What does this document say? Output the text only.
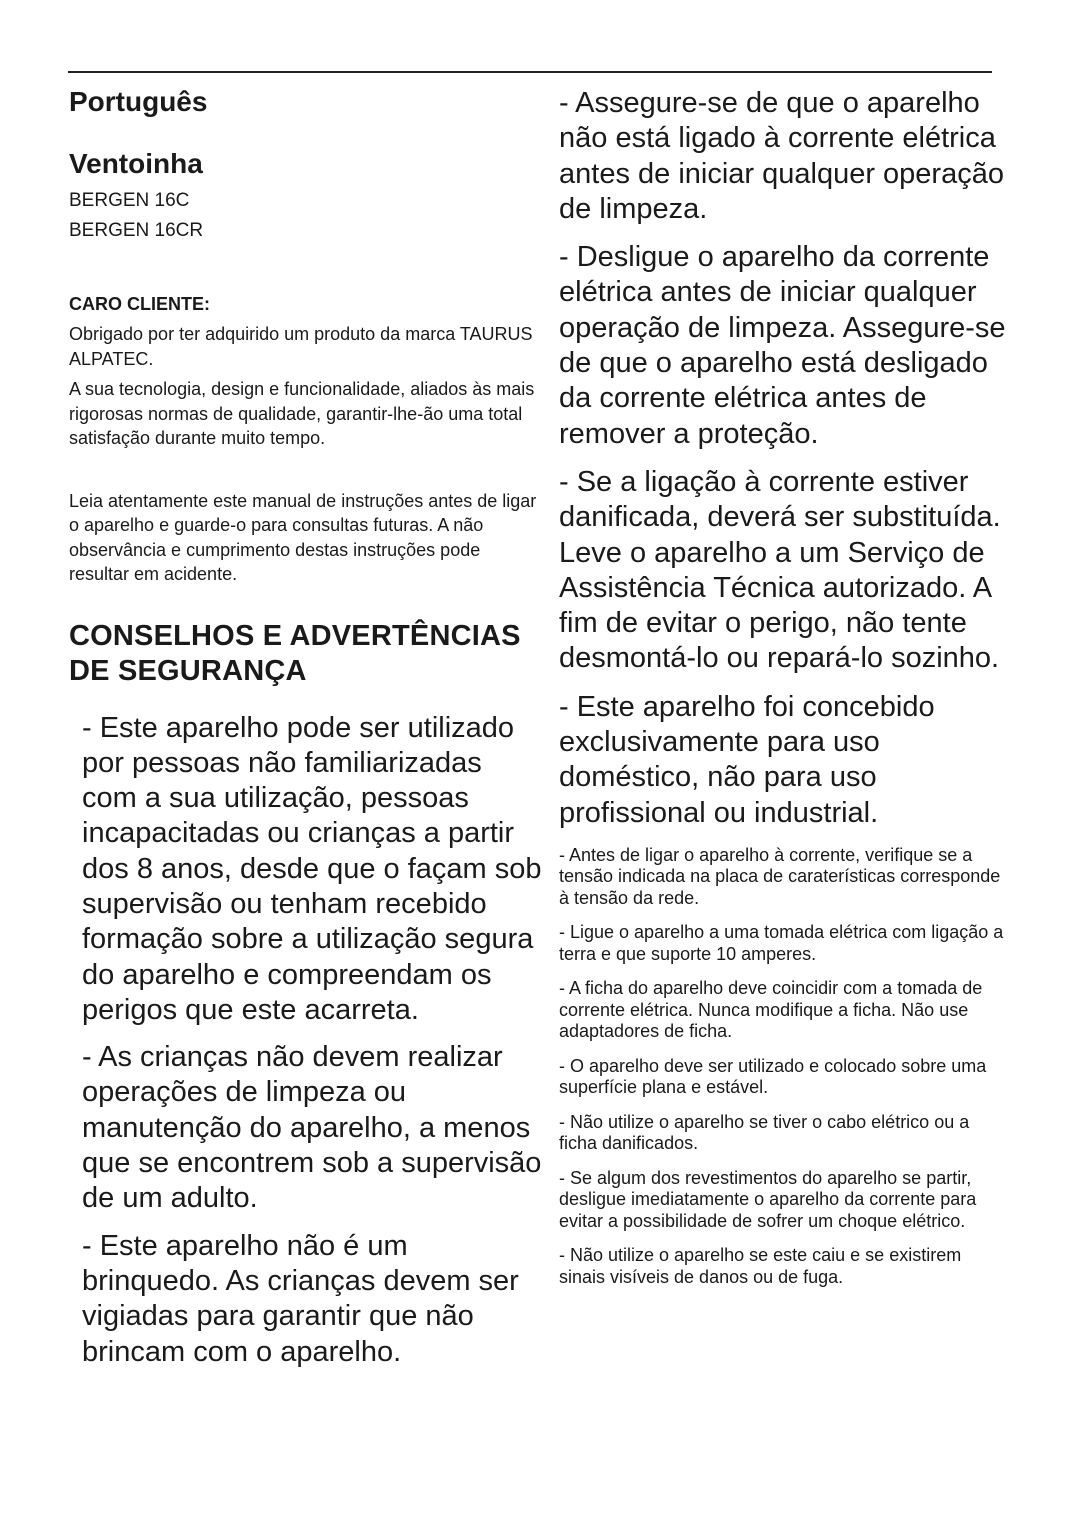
Português
Ventoinha

BERGEN 16C

BERGEN 16CR

CARO CLIENTE:

Obrigado por ter adquirido um produto da marca TAURUS ALPATEC.

A sua tecnologia, design e funcionalidade, aliados às mais rigorosas normas de qualidade, garantir-lhe-ão uma total satisfação durante muito tempo.

Leia atentamente este manual de instruções antes de ligar o aparelho e guarde-o para consultas futuras. A não observância e cumprimento destas instruções pode resultar em acidente.

CONSELHOS E ADVERTÊNCIAS DE SEGURANÇA

- Este aparelho pode ser utilizado por pessoas não familiarizadas com a sua utilização, pessoas incapacitadas ou crianças a partir dos 8 anos, desde que o façam sob supervisão ou tenham recebido formação sobre a utilização segura do aparelho e compreendam os perigos que este acarreta.

- As crianças não devem realizar operações de limpeza ou manutenção do aparelho, a menos que se encontrem sob a supervisão de um adulto.

- Este aparelho não é um brinquedo. As crianças devem ser vigiadas para garantir que não brincam com o aparelho.

- Assegure-se de que o aparelho não está ligado à corrente elétrica antes de iniciar qualquer operação de limpeza.

- Desligue o aparelho da corrente elétrica antes de iniciar qualquer operação de limpeza. Assegure-se de que o aparelho está desligado da corrente elétrica antes de remover a proteção.

- Se a ligação à corrente estiver danificada, deverá ser substituída. Leve o aparelho a um Serviço de Assistência Técnica autorizado. A fim de evitar o perigo, não tente desmontá-lo ou repará-lo sozinho.

- Este aparelho foi concebido exclusivamente para uso doméstico, não para uso profissional ou industrial.

- Antes de ligar o aparelho à corrente, verifique se a tensão indicada na placa de caraterísticas corresponde à tensão da rede.

- Ligue o aparelho a uma tomada elétrica com ligação a terra e que suporte 10 amperes.

- A ficha do aparelho deve coincidir com a tomada de corrente elétrica. Nunca modifique a ficha. Não use adaptadores de ficha.

- O aparelho deve ser utilizado e colocado sobre uma superfície plana e estável.

- Não utilize o aparelho se tiver o cabo elétrico ou a ficha danificados.

- Se algum dos revestimentos do aparelho se partir, desligue imediatamente o aparelho da corrente para evitar a possibilidade de sofrer um choque elétrico.

- Não utilize o aparelho se este caiu e se existirem sinais visíveis de danos ou de fuga.
